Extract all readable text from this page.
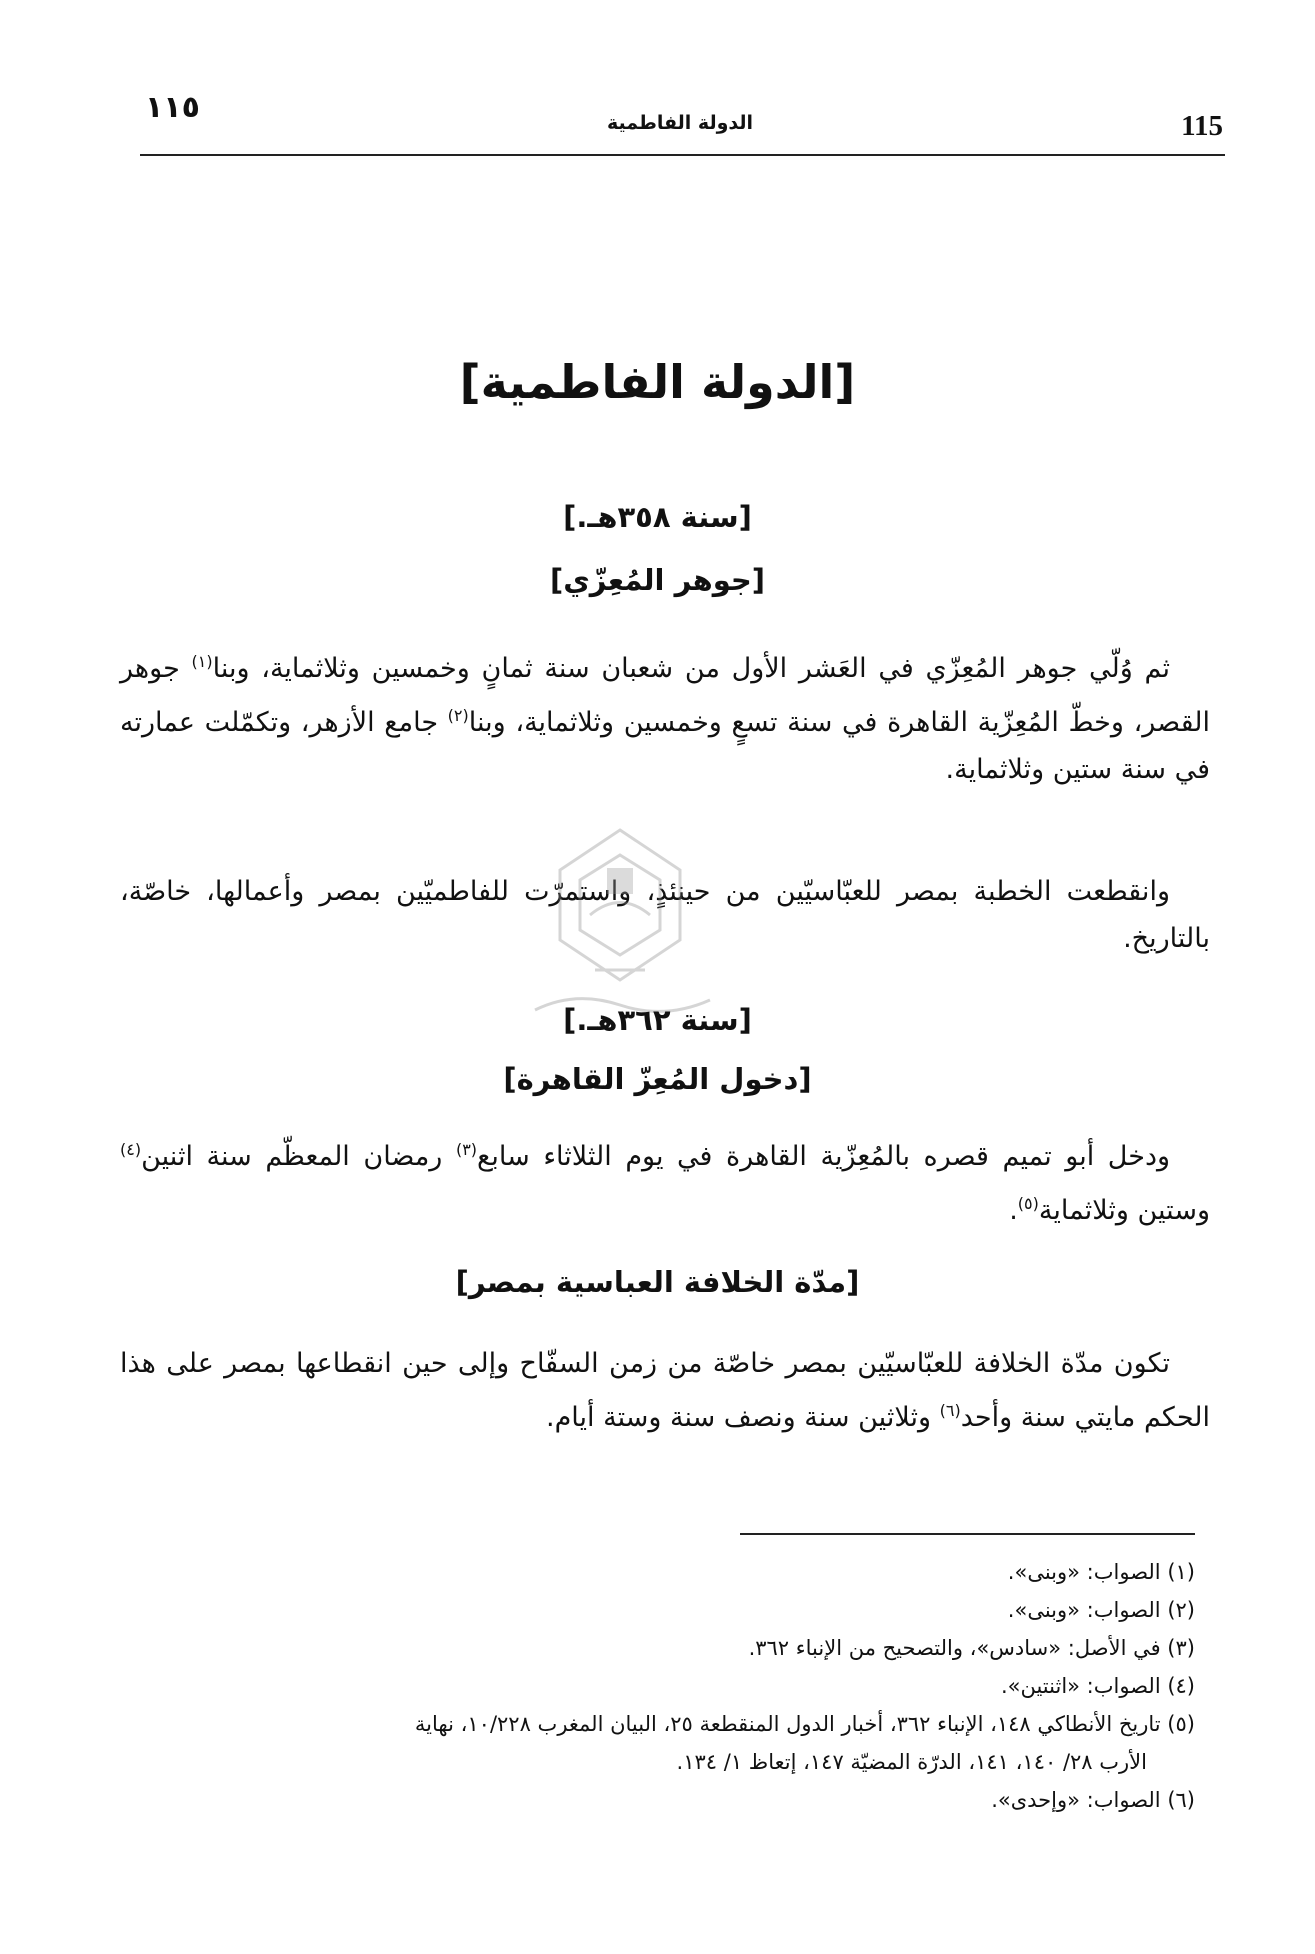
١١٥	الدولة الفاطمية	115
[الدولة الفاطمية]
[سنة ٣٥٨هـ.]
[جوهر المُعِزّي]
ثم وُلّي جوهر المُعِزّي في العَشر الأول من شعبان سنة ثمانٍ وخمسين وثلاثماية، وبنا$^{(١)}$ جوهر القصر، وخطّ المُعِزّية القاهرة في سنة تسعٍ وخمسين وثلاثماية، وبنا$^{(٢)}$ جامع الأزهر، وتكمّلت عمارته في سنة ستين وثلاثماية.
وانقطعت الخطبة بمصر للعبّاسيّين من حينئذٍ، واستمرّت للفاطميّين بمصر وأعمالها، خاصّة، بالتاريخ.
[سنة ٣٦٢هـ.]
[دخول المُعِزّ القاهرة]
ودخل أبو تميم قصره بالمُعِزّية القاهرة في يوم الثلاثاء سابع$^{(٣)}$ رمضان المعظّم سنة اثنين$^{(٤)}$ وستين وثلاثماية$^{(٥)}$.
[مدّة الخلافة العباسية بمصر]
تكون مدّة الخلافة للعبّاسيّين بمصر خاصّة من زمن السفّاح وإلى حين انقطاعها بمصر على هذا الحكم مايتي سنة وأحد$^{(٦)}$ وثلاثين سنة ونصف سنة وستة أيام.

(١) الصواب: «وبنى».

(٢) الصواب: «وبنى».

(٣) في الأصل: «سادس»، والتصحيح من الإنباء ٣٦٢.

(٤) الصواب: «اثنتين».

(٥) تاريخ الأنطاكي ١٤٨، الإنباء ٣٦٢، أخبار الدول المنقطعة ٢٥، البيان المغرب ١٠/٢٢٨، نهاية

الأرب ٢٨/ ١٤٠، ١٤١، الدرّة المضيّة ١٤٧، إتعاظ ١/ ١٣٤.

(٦) الصواب: «وإحدى».
